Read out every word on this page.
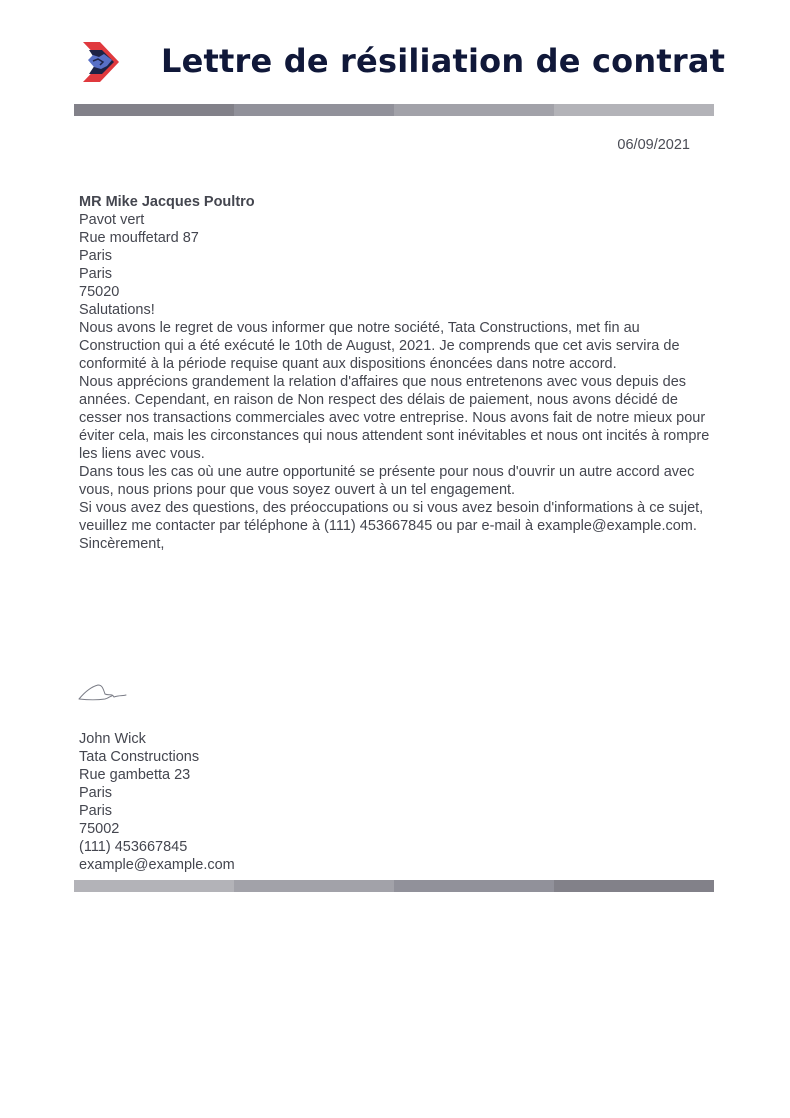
Lettre de résiliation de contrat
06/09/2021
MR Mike Jacques Poultro
Pavot vert
Rue mouffetard 87
Paris
Paris
75020
Salutations!
Nous avons le regret de vous informer que notre société, Tata Constructions, met fin au Construction qui a été exécuté le 10th de August, 2021. Je comprends que cet avis servira de conformité à la période requise quant aux dispositions énoncées dans notre accord.
Nous apprécions grandement la relation d'affaires que nous entretenons avec vous depuis des années. Cependant, en raison de Non respect des délais de paiement, nous avons décidé de cesser nos transactions commerciales avec votre entreprise. Nous avons fait de notre mieux pour éviter cela, mais les circonstances qui nous attendent sont inévitables et nous ont incités à rompre les liens avec vous.
Dans tous les cas où une autre opportunité se présente pour nous d'ouvrir un autre accord avec vous, nous prions pour que vous soyez ouvert à un tel engagement.
Si vous avez des questions, des préoccupations ou si vous avez besoin d'informations à ce sujet, veuillez me contacter par téléphone à (111) 453667845 ou par e-mail à example@example.com.
Sincèrement,
John Wick
Tata Constructions
Rue gambetta 23
Paris
Paris
75002
(111) 453667845
example@example.com
